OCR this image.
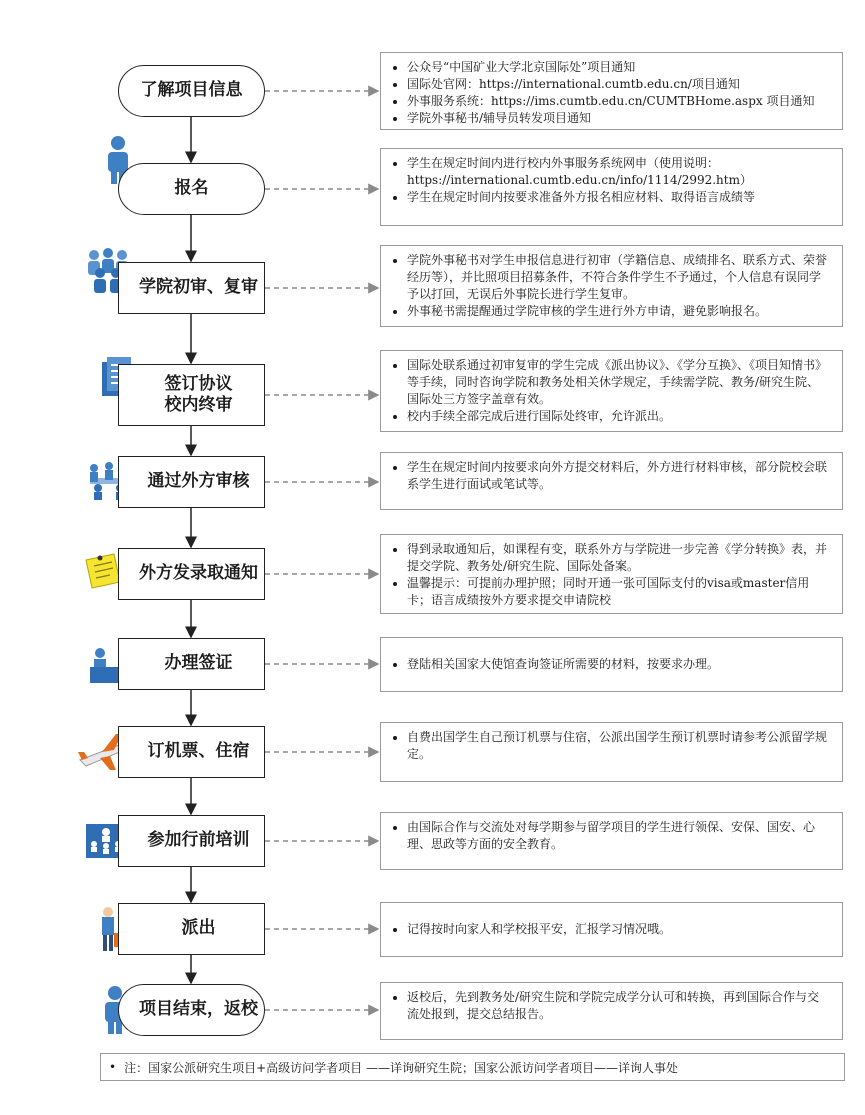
了解项目信息
• 公众号“中国矿业大学北京国际处”项目通知
• 国际处官网：https://international.cumtb.edu.cn/项目通知
• 外事服务系统：https://ims.cumtb.edu.cn/CUMTBHome.aspx 项目通知
• 学院外事秘书/辅导员转发项目通知
报名
• 学生在规定时间内进行校内外事服务系统网申（使用说明：https://international.cumtb.edu.cn/info/1114/2992.htm）
• 学生在规定时间内按要求准备外方报名相应材料、取得语言成绩等
学院初审、复审
• 学院外事秘书对学生申报信息进行初审（学籍信息、成绩排名、联系方式、荣誉经历等），并比照项目招募条件，不符合条件学生不予通过，个人信息有误同学予以打回，无误后外事院长进行学生复审。
• 外事秘书需提醒通过学院审核的学生进行外方申请，避免影响报名。
签订协议
校内终审
• 国际处联系通过初审复审的学生完成《派出协议》、《学分互换》、《项目知情书》等手续，同时咨询学院和教务处相关休学规定，手续需学院、教务/研究生院、国际处三方签字盖章有效。
• 校内手续全部完成后进行国际处终审，允许派出。
通过外方审核
• 学生在规定时间内按要求向外方提交材料后，外方进行材料审核，部分院校会联系学生进行面试或笔试等。
外方发录取通知
• 得到录取通知后，如课程有变，联系外方与学院进一步完善《学分转换》表，并提交学院、教务处/研究生院、国际处备案。
• 温馨提示：可提前办理护照；同时开通一张可国际支付的visa或master信用卡；语言成绩按外方要求提交申请院校
办理签证	• 登陆相关国家大使馆查询签证所需要的材料，按要求办理。
订机票、住宿
• 自费出国学生自己预订机票与住宿，公派出国学生预订机票时请参考公派留学规定。
参加行前培训
• 由国际合作与交流处对每学期参与留学项目的学生进行领保、安保、国安、心理、思政等方面的安全教育。
派出	• 记得按时向家人和学校报平安，汇报学习情况哦。
项目结束，返校
• 返校后，先到教务处/研究生院和学院完成学分认可和转换，再到国际合作与交流处报到，提交总结报告。
• 注：国家公派研究生项目+高级访问学者项目 ——详询研究生院；国家公派访问学者项目——详询人事处
